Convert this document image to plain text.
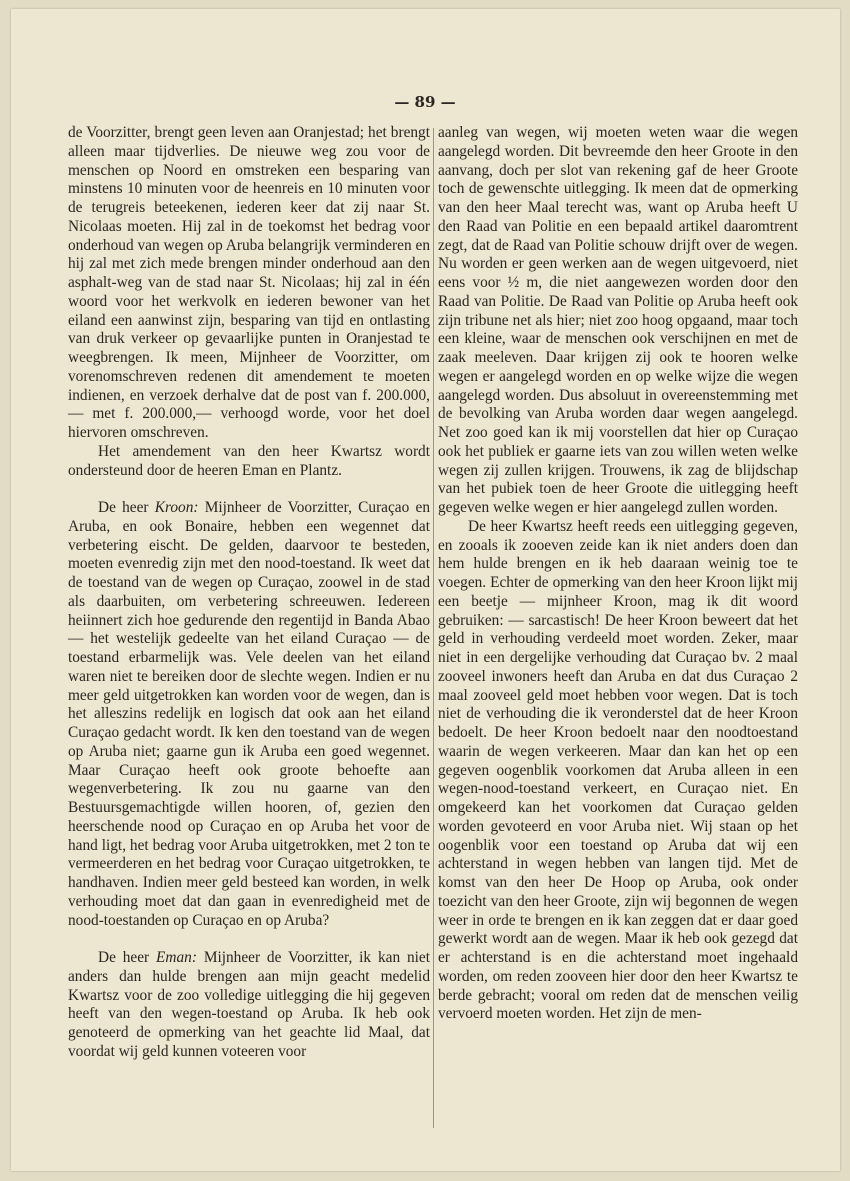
— 89 —

de Voorzitter, brengt geen leven aan Oranjestad; het brengt alleen maar tijdverlies. De nieuwe weg zou voor de menschen op Noord en omstreken een besparing van minstens 10 minuten voor de heenreis en 10 minuten voor de terugreis beteekenen, iederen keer dat zij naar St. Nicolaas moeten. Hij zal in de toekomst het bedrag voor onderhoud van wegen op Aruba belangrijk verminderen en hij zal met zich mede brengen minder onderhoud aan den asphalt-weg van de stad naar St. Nicolaas; hij zal in één woord voor het werkvolk en iederen bewoner van het eiland een aanwinst zijn, besparing van tijd en ontlasting van druk verkeer op gevaarlijke punten in Oranjestad te weegbrengen. Ik meen, Mijnheer de Voorzitter, om vorenomschreven redenen dit amendement te moeten indienen, en verzoek derhalve dat de post van f. 200.000,— met f. 200.000,— verhoogd worde, voor het doel hiervoren omschreven.

Het amendement van den heer Kwartsz wordt ondersteund door de heeren Eman en Plantz.

De heer Kroon: Mijnheer de Voorzitter, Curaçao en Aruba, en ook Bonaire, hebben een wegennet dat verbetering eischt. De gelden, daarvoor te besteden, moeten evenredig zijn met den nood-toestand. Ik weet dat de toestand van de wegen op Curaçao, zoowel in de stad als daarbuiten, om verbetering schreeuwen. Iedereen heiinnert zich hoe gedurende den regentijd in Banda Abao — het westelijk gedeelte van het eiland Curaçao — de toestand erbarmelijk was. Vele deelen van het eiland waren niet te bereiken door de slechte wegen. Indien er nu meer geld uitgetrokken kan worden voor de wegen, dan is het alleszins redelijk en logisch dat ook aan het eiland Curaçao gedacht wordt. Ik ken den toestand van de wegen op Aruba niet; gaarne gun ik Aruba een goed wegennet. Maar Curaçao heeft ook groote behoefte aan wegenverbetering. Ik zou nu gaarne van den Bestuursgemachtigde willen hooren, of, gezien den heerschende nood op Curaçao en op Aruba het voor de hand ligt, het bedrag voor Aruba uitgetrokken, met 2 ton te vermeerderen en het bedrag voor Curaçao uitgetrokken, te handhaven. Indien meer geld besteed kan worden, in welk verhouding moet dat dan gaan in evenredigheid met de nood-toestanden op Curaçao en op Aruba?

De heer Eman: Mijnheer de Voorzitter, ik kan niet anders dan hulde brengen aan mijn geacht medelid Kwartsz voor de zoo volledige uitlegging die hij gegeven heeft van den wegen-toestand op Aruba. Ik heb ook genoteerd de opmerking van het geachte lid Maal, dat voordat wij geld kunnen voteeren voor

aanleg van wegen, wij moeten weten waar die wegen aangelegd worden. Dit bevreemde den heer Groote in den aanvang, doch per slot van rekening gaf de heer Groote toch de gewenschte uitlegging. Ik meen dat de opmerking van den heer Maal terecht was, want op Aruba heeft U den Raad van Politie en een bepaald artikel daaromtrent zegt, dat de Raad van Politie schouw drijft over de wegen. Nu worden er geen werken aan de wegen uitgevoerd, niet eens voor ½ m, die niet aangewezen worden door den Raad van Politie. De Raad van Politie op Aruba heeft ook zijn tribune net als hier; niet zoo hoog opgaand, maar toch een kleine, waar de menschen ook verschijnen en met de zaak meeleven. Daar krijgen zij ook te hooren welke wegen er aangelegd worden en op welke wijze die wegen aangelegd worden. Dus absoluut in overeenstemming met de bevolking van Aruba worden daar wegen aangelegd. Net zoo goed kan ik mij voorstellen dat hier op Curaçao ook het publiek er gaarne iets van zou willen weten welke wegen zij zullen krijgen. Trouwens, ik zag de blijdschap van het pubiek toen de heer Groote die uitlegging heeft gegeven welke wegen er hier aangelegd zullen worden.

De heer Kwartsz heeft reeds een uitlegging gegeven, en zooals ik zooeven zeide kan ik niet anders doen dan hem hulde brengen en ik heb daaraan weinig toe te voegen. Echter de opmerking van den heer Kroon lijkt mij een beetje — mijnheer Kroon, mag ik dit woord gebruiken: — sarcastisch! De heer Kroon beweert dat het geld in verhouding verdeeld moet worden. Zeker, maar niet in een dergelijke verhouding dat Curaçao bv. 2 maal zooveel inwoners heeft dan Aruba en dat dus Curaçao 2 maal zooveel geld moet hebben voor wegen. Dat is toch niet de verhouding die ik veronderstel dat de heer Kroon bedoelt. De heer Kroon bedoelt naar den noodtoestand waarin de wegen verkeeren. Maar dan kan het op een gegeven oogenblik voorkomen dat Aruba alleen in een wegen-nood-toestand verkeert, en Curaçao niet. En omgekeerd kan het voorkomen dat Curaçao gelden worden gevoteerd en voor Aruba niet. Wij staan op het oogenblik voor een toestand op Aruba dat wij een achterstand in wegen hebben van langen tijd. Met de komst van den heer De Hoop op Aruba, ook onder toezicht van den heer Groote, zijn wij begonnen de wegen weer in orde te brengen en ik kan zeggen dat er daar goed gewerkt wordt aan de wegen. Maar ik heb ook gezegd dat er achterstand is en die achterstand moet ingehaald worden, om reden zooveen hier door den heer Kwartsz te berde gebracht; vooral om reden dat de menschen veilig vervoerd moeten worden. Het zijn de men-
